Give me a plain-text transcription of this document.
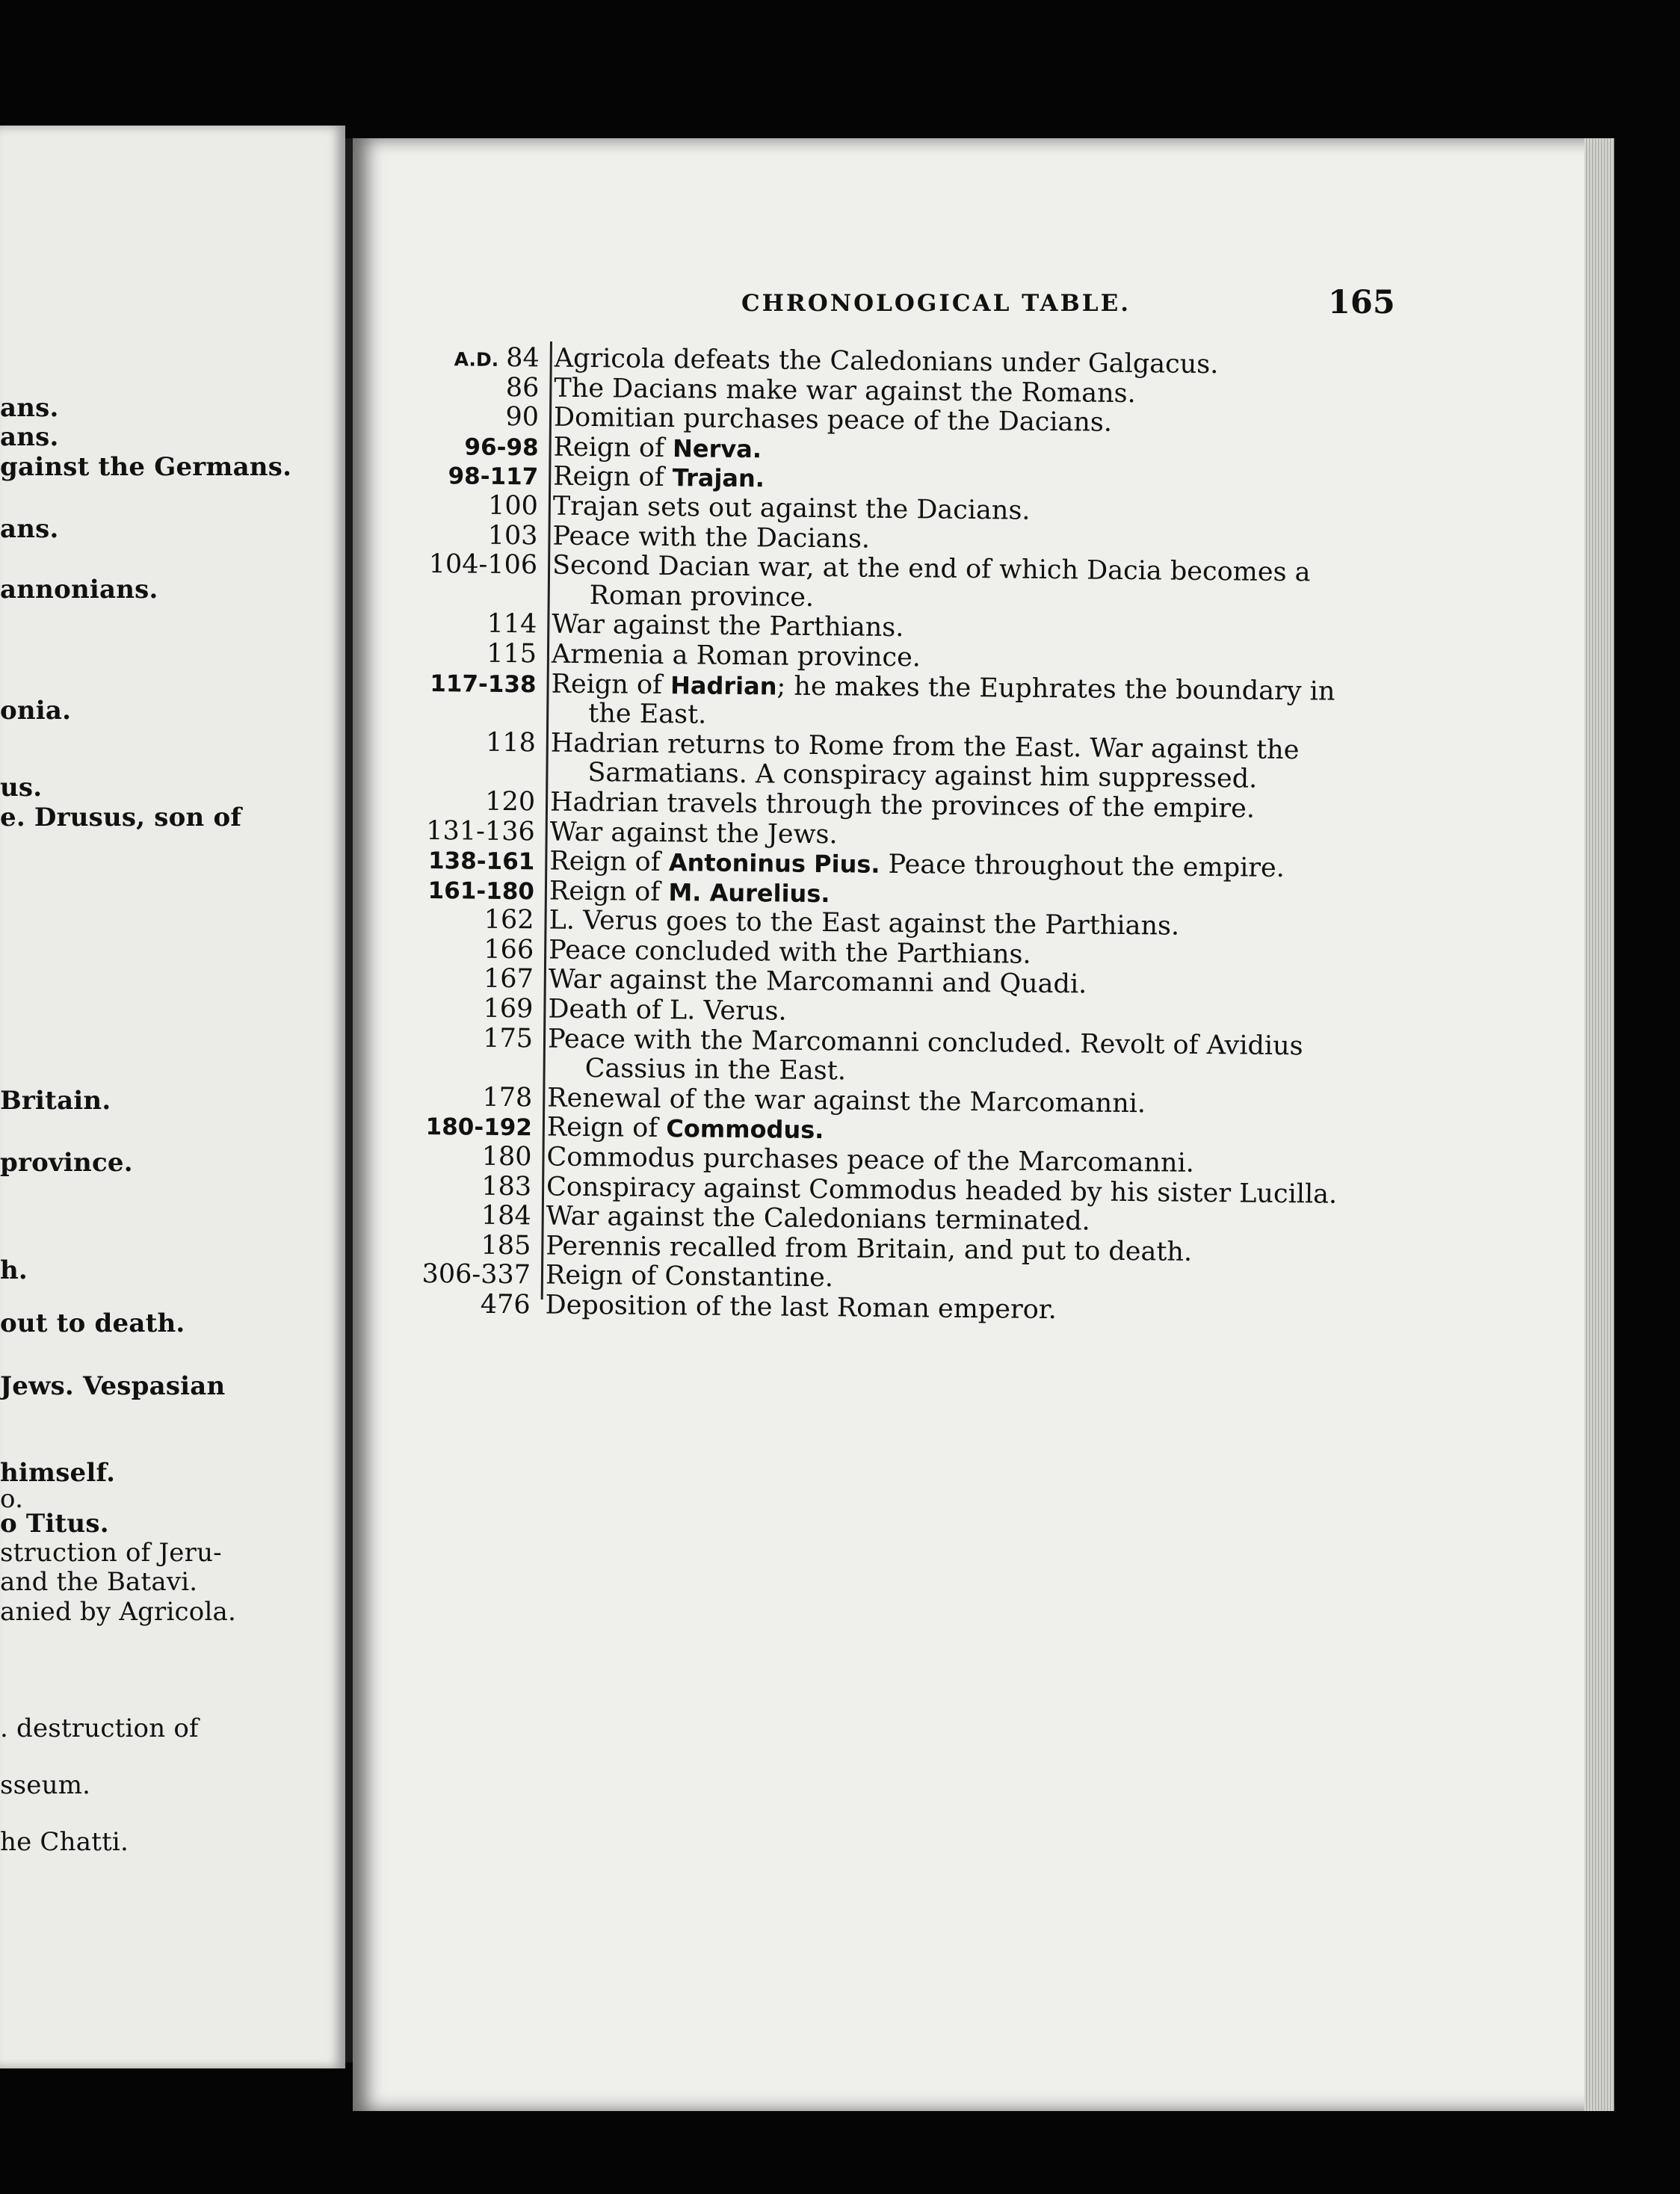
ans.
ans.
gainst the Germans.
ans.
annonians.
onia.
us.
e. Drusus, son of
Britain.
province.
h.
out to death.
Jews. Vespasian
himself.
o.
o Titus.
struction of Jeru-
and the Batavi.
anied by Agricola.
. destruction of
sseum.
he Chatti.
CHRONOLOGICAL TABLE.	165
A.D. 84 Agricola defeats the Caledonians under Galgacus.
86 The Dacians make war against the Romans.
90 Domitian purchases peace of the Dacians.
96-98 Reign of Nerva.
98-117 Reign of Trajan.
100 Trajan sets out against the Dacians.
103 Peace with the Dacians.
104-106 Second Dacian war, at the end of which Dacia becomes a
Roman province.
114 War against the Parthians.
115 Armenia a Roman province.
117-138 Reign of Hadrian; he makes the Euphrates the boundary in
the East.
118 Hadrian returns to Rome from the East. War against the
Sarmatians. A conspiracy against him suppressed.
120 Hadrian travels through the provinces of the empire.
131-136 War against the Jews.
138-161 Reign of Antoninus Pius. Peace throughout the empire.
161-180 Reign of M. Aurelius.
162 L. Verus goes to the East against the Parthians.
166 Peace concluded with the Parthians.
167 War against the Marcomanni and Quadi.
169 Death of L. Verus.
175 Peace with the Marcomanni concluded. Revolt of Avidius
Cassius in the East.
178 Renewal of the war against the Marcomanni.
180-192 Reign of Commodus.
180 Commodus purchases peace of the Marcomanni.
183 Conspiracy against Commodus headed by his sister Lucilla.
184 War against the Caledonians terminated.
185 Perennis recalled from Britain, and put to death.
306-337 Reign of Constantine.
476 Deposition of the last Roman emperor.
